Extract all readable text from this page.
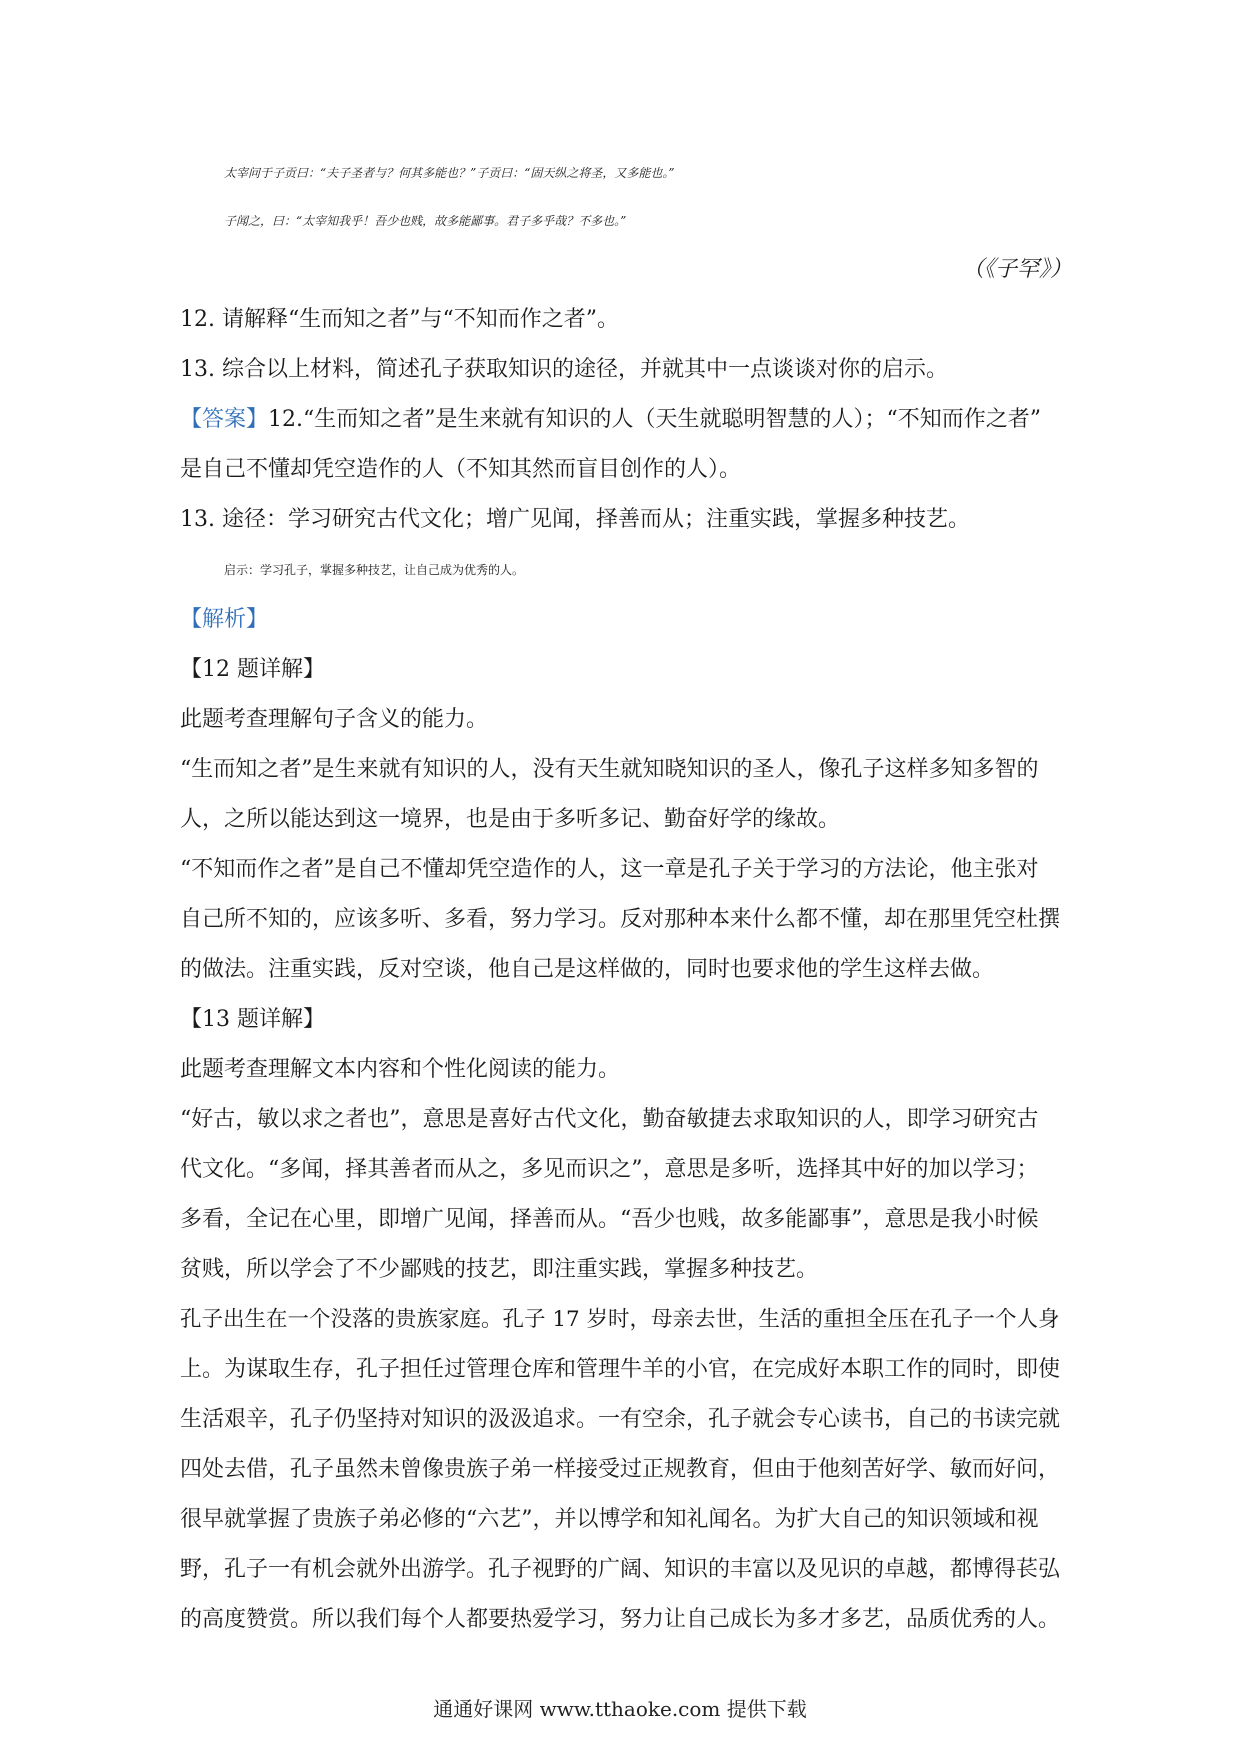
太宰问于子贡曰：“夫子圣者与？何其多能也？”子贡曰：“固天纵之将圣，又多能也。”
子闻之，曰：“太宰知我乎！吾少也贱，故多能鄙事。君子多乎哉？不多也。”
（《子罕》）
12. 请解释“生而知之者”与“不知而作之者”。
13. 综合以上材料，简述孔子获取知识的途径，并就其中一点谈谈对你的启示。
【答案】12.“生而知之者”是生来就有知识的人（天生就聪明智慧的人）；“不知而作之者”
是自己不懂却凭空造作的人（不知其然而盲目创作的人）。
13. 途径：学习研究古代文化；增广见闻，择善而从；注重实践，掌握多种技艺。
启示：学习孔子，掌握多种技艺，让自己成为优秀的人。
【解析】
【12 题详解】
此题考查理解句子含义的能力。
“生而知之者”是生来就有知识的人，没有天生就知晓知识的圣人，像孔子这样多知多智的
人，之所以能达到这一境界，也是由于多听多记、勤奋好学的缘故。
“不知而作之者”是自己不懂却凭空造作的人，这一章是孔子关于学习的方法论，他主张对
自己所不知的，应该多听、多看，努力学习。反对那种本来什么都不懂，却在那里凭空杜撰
的做法。注重实践，反对空谈，他自己是这样做的，同时也要求他的学生这样去做。
【13 题详解】
此题考查理解文本内容和个性化阅读的能力。
“好古，敏以求之者也”，意思是喜好古代文化，勤奋敏捷去求取知识的人，即学习研究古
代文化。“多闻，择其善者而从之，多见而识之”，意思是多听，选择其中好的加以学习；
多看，全记在心里，即增广见闻，择善而从。“吾少也贱，故多能鄙事”，意思是我小时候
贫贱，所以学会了不少鄙贱的技艺，即注重实践，掌握多种技艺。
孔子出生在一个没落的贵族家庭。孔子 17 岁时，母亲去世，生活的重担全压在孔子一个人身
上。为谋取生存，孔子担任过管理仓库和管理牛羊的小官，在完成好本职工作的同时，即使
生活艰辛，孔子仍坚持对知识的汲汲追求。一有空余，孔子就会专心读书，自己的书读完就
四处去借，孔子虽然未曾像贵族子弟一样接受过正规教育，但由于他刻苦好学、敏而好问，
很早就掌握了贵族子弟必修的“六艺”，并以博学和知礼闻名。为扩大自己的知识领域和视
野，孔子一有机会就外出游学。孔子视野的广阔、知识的丰富以及见识的卓越，都博得苌弘
的高度赞赏。所以我们每个人都要热爱学习，努力让自己成长为多才多艺，品质优秀的人。
通通好课网 www.tthaoke.com 提供下载
